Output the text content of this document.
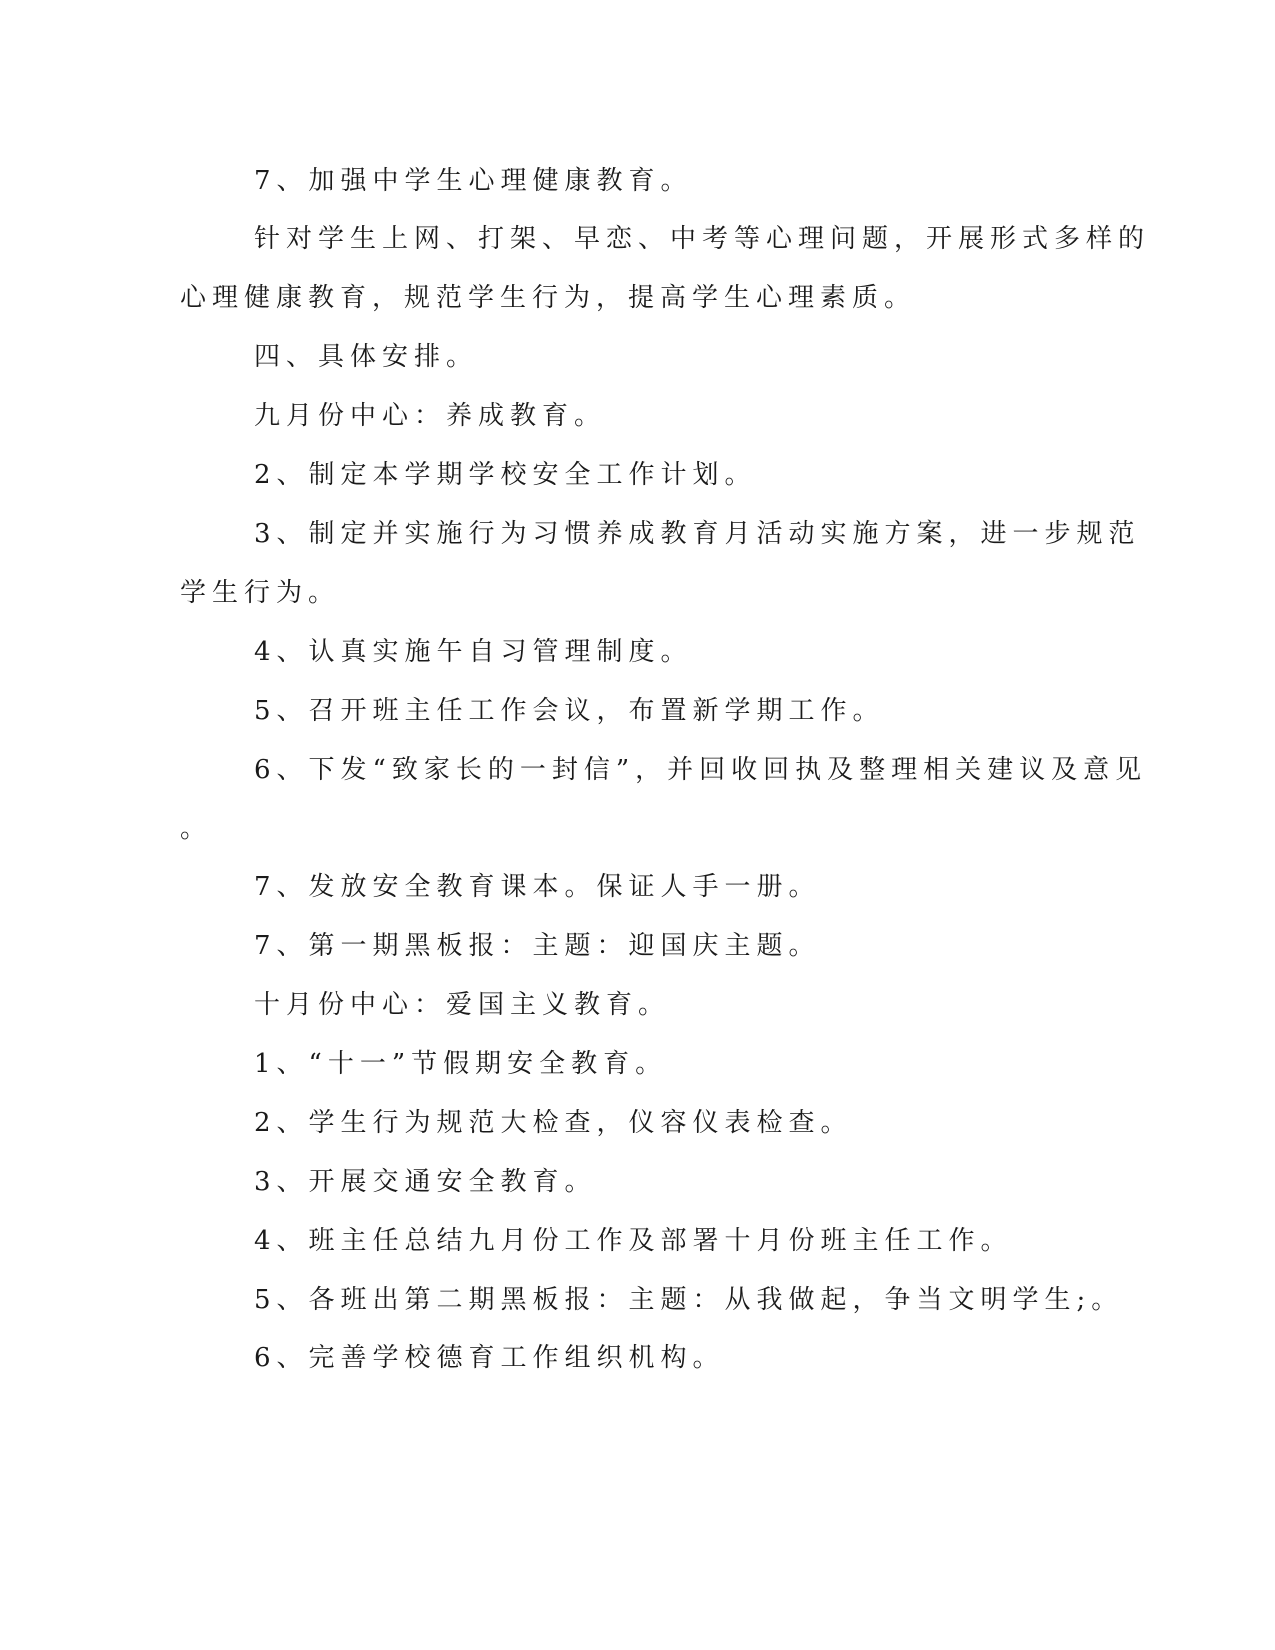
7、加强中学生心理健康教育。
针对学生上网、打架、早恋、中考等心理问题，开展形式多样的
心理健康教育，规范学生行为，提高学生心理素质。
四、具体安排。
九月份中心：养成教育。
2、制定本学期学校安全工作计划。
3、制定并实施行为习惯养成教育月活动实施方案，进一步规范
学生行为。
4、认真实施午自习管理制度。
5、召开班主任工作会议，布置新学期工作。
6、下发“致家长的一封信”，并回收回执及整理相关建议及意见
。
7、发放安全教育课本。保证人手一册。
7、第一期黑板报：主题：迎国庆主题。
十月份中心：爱国主义教育。
1、“十一”节假期安全教育。
2、学生行为规范大检查，仪容仪表检查。
3、开展交通安全教育。
4、班主任总结九月份工作及部署十月份班主任工作。
5、各班出第二期黑板报：主题：从我做起，争当文明学生;。
6、完善学校德育工作组织机构。
